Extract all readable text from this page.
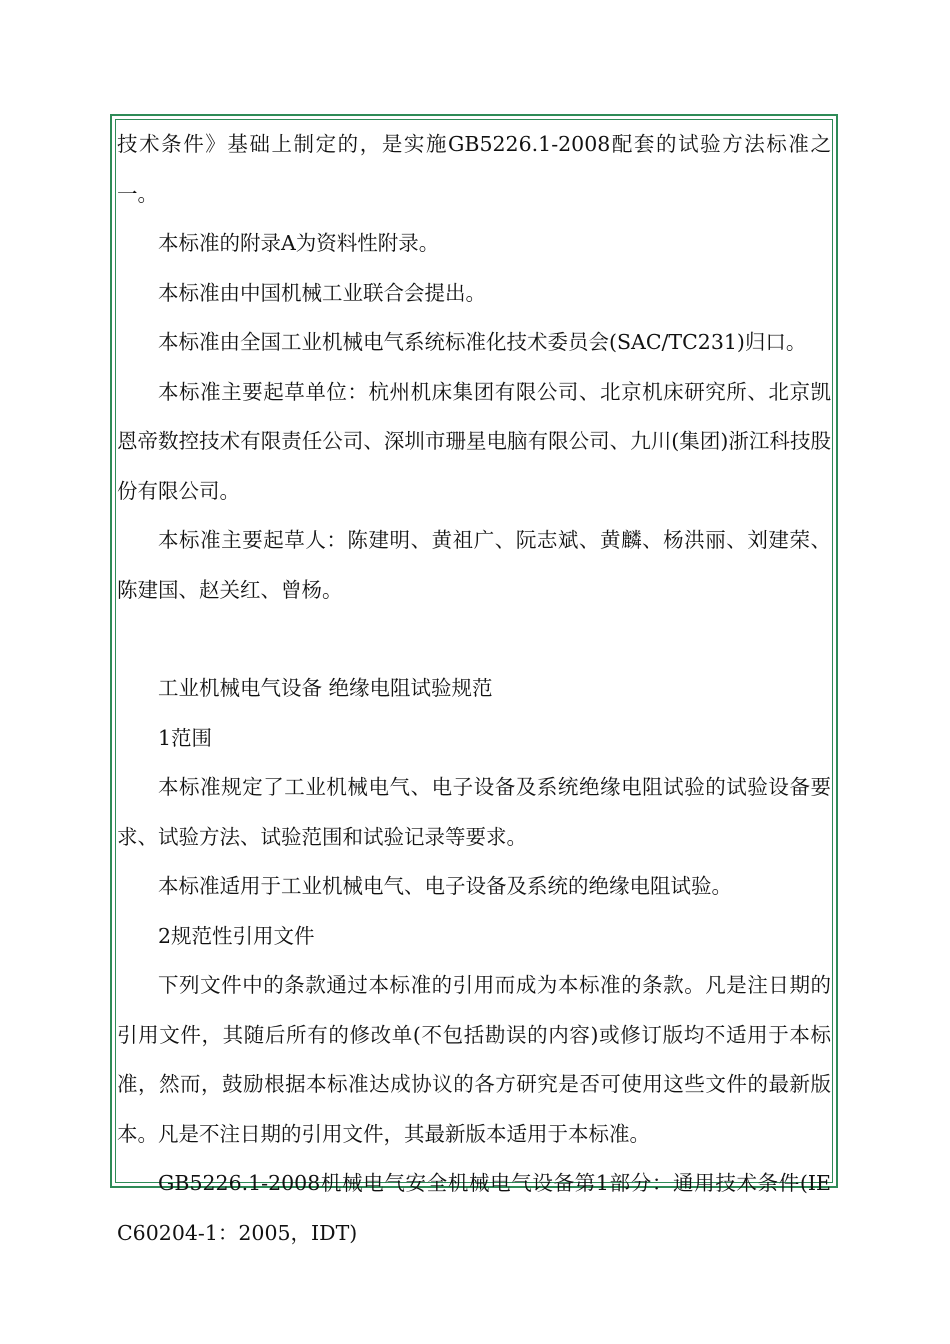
技术条件》基础上制定的，是实施GB5226.1-2008配套的试验方法标准之一。

本标准的附录A为资料性附录。

本标准由中国机械工业联合会提出。

本标准由全国工业机械电气系统标准化技术委员会(SAC/TC231)归口。

本标准主要起草单位：杭州机床集团有限公司、北京机床研究所、北京凯恩帝数控技术有限责任公司、深圳市珊星电脑有限公司、九川(集团)浙江科技股份有限公司。

本标准主要起草人：陈建明、黄祖广、阮志斌、黄麟、杨洪丽、刘建荣、陈建国、赵关红、曾杨。

工业机械电气设备 绝缘电阻试验规范

1范围

本标准规定了工业机械电气、电子设备及系统绝缘电阻试验的试验设备要求、试验方法、试验范围和试验记录等要求。

本标准适用于工业机械电气、电子设备及系统的绝缘电阻试验。

2规范性引用文件

下列文件中的条款通过本标准的引用而成为本标准的条款。凡是注日期的引用文件，其随后所有的修改单(不包括勘误的内容)或修订版均不适用于本标准，然而，鼓励根据本标准达成协议的各方研究是否可使用这些文件的最新版本。凡是不注日期的引用文件，其最新版本适用于本标准。

GB5226.1-2008机械电气安全机械电气设备第1部分：通用技术条件(IEC60204-1：2005，IDT)
